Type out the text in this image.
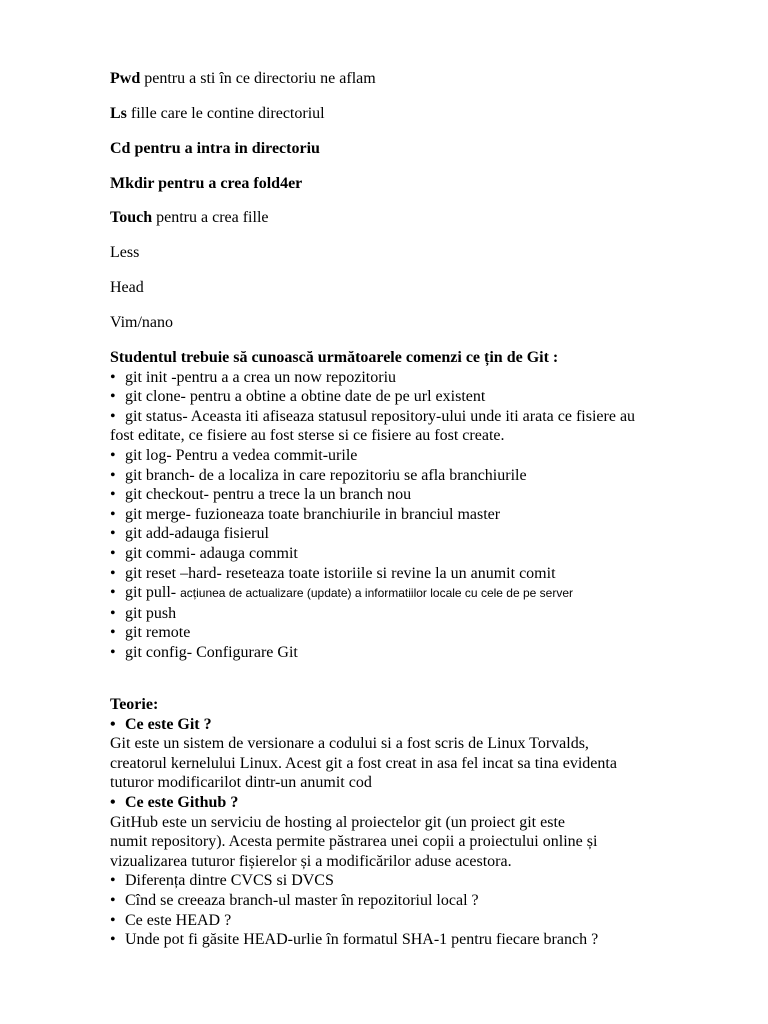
Pwd pentru a sti în ce directoriu ne aflam
Ls fille care le contine directoriul
Cd pentru a intra in directoriu
Mkdir pentru a crea fold4er
Touch pentru a crea fille
Less
Head
Vim/nano
Studentul trebuie să cunoască următoarele comenzi ce țin de Git :
• git init -pentru a a crea un now repozitoriu
• git clone- pentru a obtine a obtine date de pe url existent
• git status- Aceasta iti afiseaza statusul repository-ului unde iti arata ce fisiere au
fost editate, ce fisiere au fost sterse si ce fisiere au fost create.
• git log- Pentru a vedea commit-urile
• git branch- de a localiza in care repozitoriu se afla branchiurile
• git checkout- pentru a trece la un branch nou
• git merge- fuzioneaza toate branchiurile in branciul master
• git add-adauga fisierul
• git commi- adauga commit
• git reset –hard- reseteaza toate istoriile si revine la un anumit comit
• git pull- acțiunea de actualizare (update) a informatiilor locale cu cele de pe server
• git push
• git remote
• git config- Configurare Git
Teorie:
• Ce este Git ?
Git este un sistem de versionare a codului si a fost scris de Linux Torvalds,
creatorul kernelului Linux. Acest git a fost creat in asa fel incat sa tina evidenta
tuturor modificarilot dintr-un anumit cod
• Ce este Github ?
GitHub este un serviciu de hosting al proiectelor git (un proiect git este
numit repository). Acesta permite păstrarea unei copii a proiectului online și
vizualizarea tuturor fișierelor și a modificărilor aduse acestora.
• Diferența dintre CVCS si DVCS
• Cînd se creeaza branch-ul master în repozitoriul local ?
• Ce este HEAD ?
• Unde pot fi găsite HEAD-urlie în formatul SHA-1 pentru fiecare branch ?
